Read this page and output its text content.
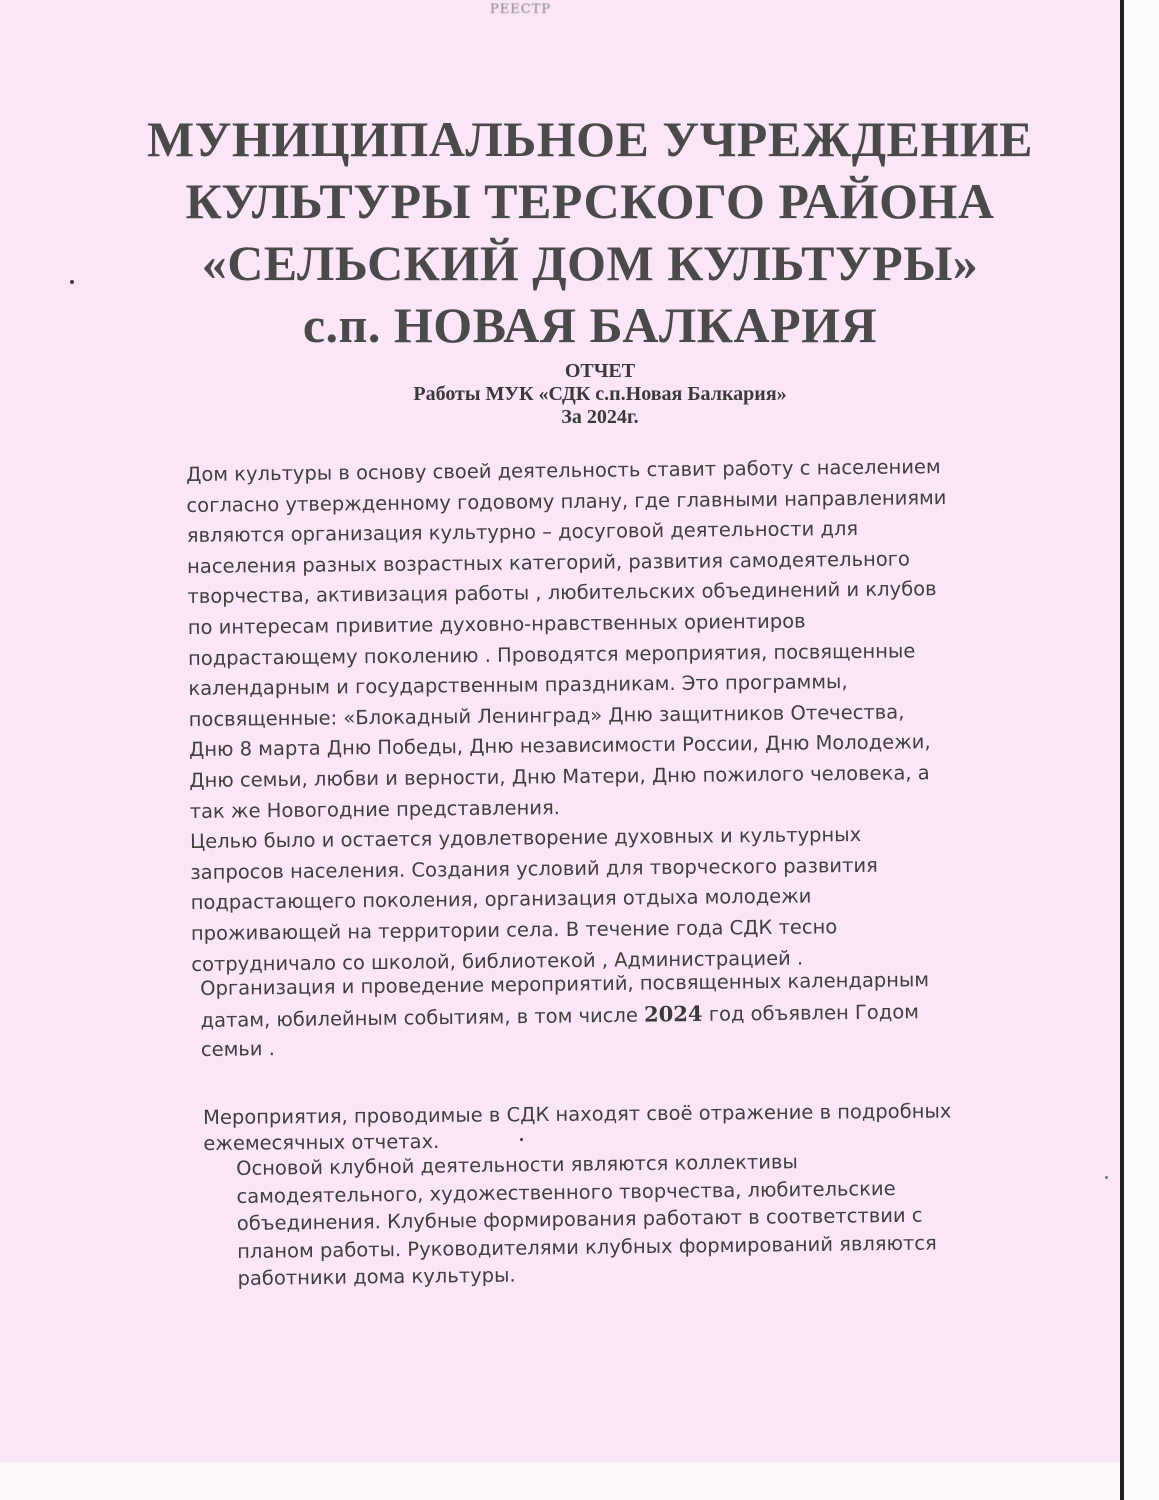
РЕЕСТР
МУНИЦИПАЛЬНОЕ УЧРЕЖДЕНИЕ
КУЛЬТУРЫ ТЕРСКОГО РАЙОНА
«СЕЛЬСКИЙ ДОМ КУЛЬТУРЫ»
с.п. НОВАЯ БАЛКАРИЯ
ОТЧЕТ
Работы МУК «СДК с.п.Новая Балкария»
За 2024г.
Дом культуры в основу своей деятельность ставит работу с населением
согласно утвержденному годовому плану, где главными направлениями
являются организация культурно – досуговой деятельности для
населения разных возрастных категорий, развития самодеятельного
творчества, активизация работы , любительских объединений и клубов
по интересам привитие духовно-нравственных ориентиров
подрастающему поколению . Проводятся мероприятия, посвященные
календарным и государственным праздникам. Это программы,
посвященные: «Блокадный Ленинград» Дню защитников Отечества,
Дню 8 марта Дню Победы, Дню независимости России, Дню Молодежи,
Дню семьи, любви и верности, Дню Матери, Дню пожилого человека, а
так же Новогодние представления.
Целью было и остается удовлетворение духовных и культурных
запросов населения. Создания условий для творческого развития
подрастающего поколения, организация отдыха молодежи
проживающей на территории села. В течение года СДК тесно
сотрудничало со школой, библиотекой , Администрацией .
Организация и проведение мероприятий, посвященных календарным
датам, юбилейным событиям, в том числе 2024 год объявлен Годом
семьи .
Мероприятия, проводимые в СДК находят своё отражение в подробных
ежемесячных отчетах.
Основой клубной деятельности являются коллективы
самодеятельного, художественного творчества, любительские
объединения. Клубные формирования работают в соответствии с
планом работы. Руководителями клубных формирований являются
работники дома культуры.
